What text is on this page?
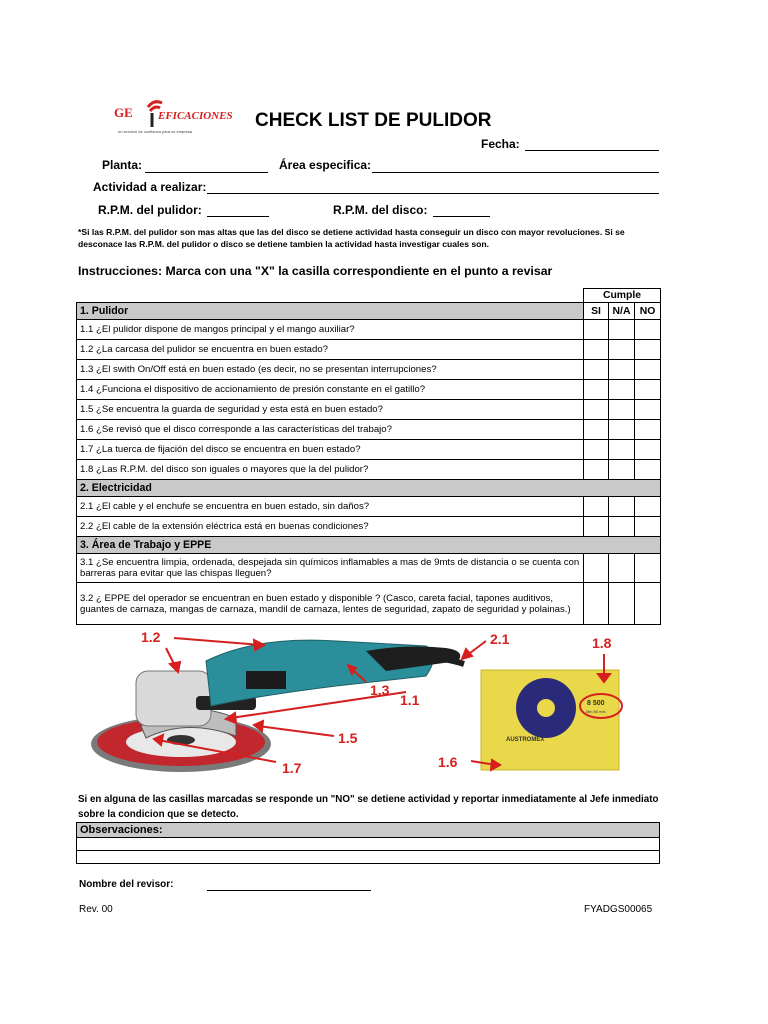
GE EFICACIONES
un servicio de confianza para su empresa
CHECK LIST DE PULIDOR
Fecha:
Planta:	Área especifica:
Actividad a realizar:
R.P.M. del pulidor:	R.P.M. del disco:
*Si las R.P.M. del pulidor son mas altas que las del disco se detiene actividad hasta conseguir un disco con mayor revoluciones. Si se desconace las R.P.M. del pulidor o disco se detiene tambien la actividad hasta investigar cuales son.
Instrucciones: Marca con una "X" la casilla correspondiente en el punto a revisar
	Cumple		
1. Pulidor	SI	N/A	NO
1.1 ¿El pulidor dispone de mangos principal y el mango auxiliar?			
1.2 ¿La carcasa del pulidor se encuentra en buen estado?			
1.3 ¿El swith On/Off está en buen estado (es decir, no se presentan interrupciones?			
1.4 ¿Funciona el dispositivo de accionamiento de presión constante en el gatillo?			
1.5 ¿Se encuentra la guarda de seguridad y esta está en buen estado?			
1.6 ¿Se revisó que el disco corresponde a las características del trabajo?			
1.7 ¿La tuerca de fijación del disco se encuentra en buen estado?			
1.8 ¿Las R.P.M. del disco son iguales o mayores que la del pulidor?			
2. Electricidad			
2.1 ¿El cable y el enchufe se encuentra en buen estado, sin daños?			
2.2 ¿El cable de la extensión eléctrica está en buenas condiciones?			
3. Área de Trabajo y EPPE			
3.1 ¿Se encuentra limpia, ordenada, despejada sin químicos inflamables a mas de 9mts de distancia o se cuenta con barreras para evitar que las chispas lleguen?			
3.2 ¿ EPPE del operador se encuentran en buen estado y disponible ? (Casco, careta facial, tapones auditivos, guantes de carnaza, mangas de carnaza, mandil de carnaza, lentes de seguridad, zapato de seguridad y polainas.)			
AUSTROMEX
8 500
Min 80 m/s
1.2	2.1	1.8
1.3
1.1
1.5
1.7	1.6
Si en alguna de las casillas marcadas se responde un "NO" se detiene actividad y reportar inmediatamente al Jefe inmediato sobre la condicion que se detecto.
Observaciones:

Nombre del revisor:
Rev. 00	FYADGS00065
